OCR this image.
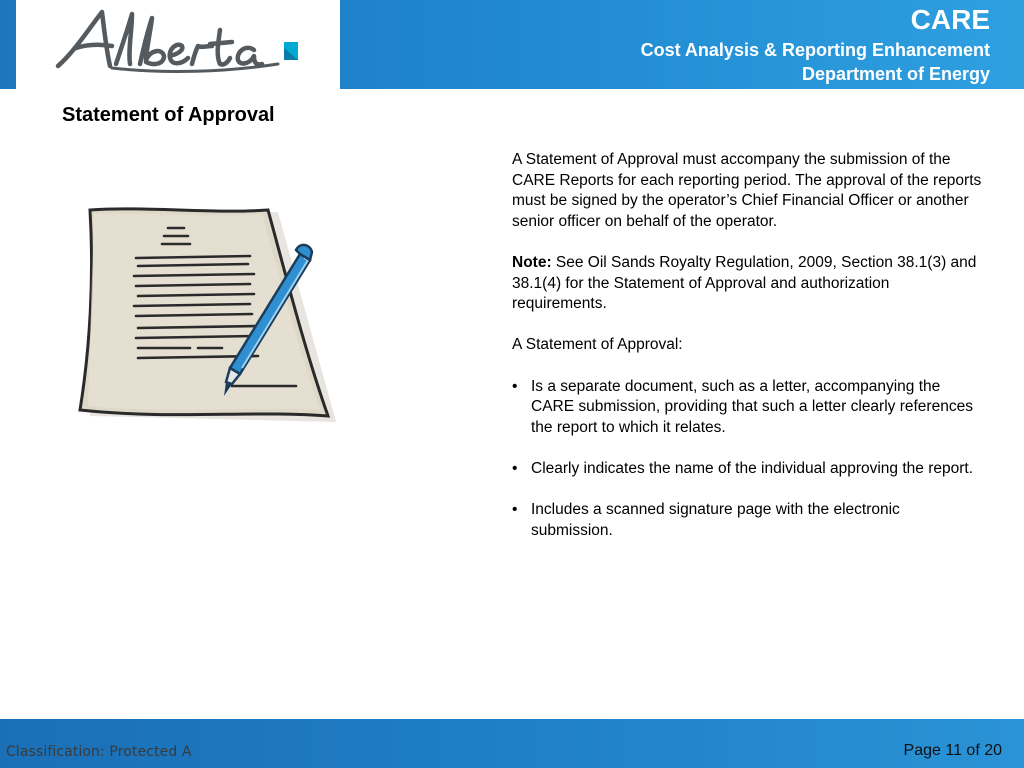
CARE
Cost Analysis & Reporting Enhancement
Department of Energy
Statement of Approval

A Statement of Approval must accompany the submission of the CARE Reports for each reporting period. The approval of the reports must be signed by the operator’s Chief Financial Officer or another senior officer on behalf of the operator.

Note: See Oil Sands Royalty Regulation, 2009, Section 38.1(3) and 38.1(4) for the Statement of Approval and authorization requirements.

A Statement of Approval:

• Is a separate document, such as a letter, accompanying the CARE submission, providing that such a letter clearly references the report to which it relates.
• Clearly indicates the name of the individual approving the report.
• Includes a scanned signature page with the electronic submission.
Classification: Protected A	Page 11 of 20
